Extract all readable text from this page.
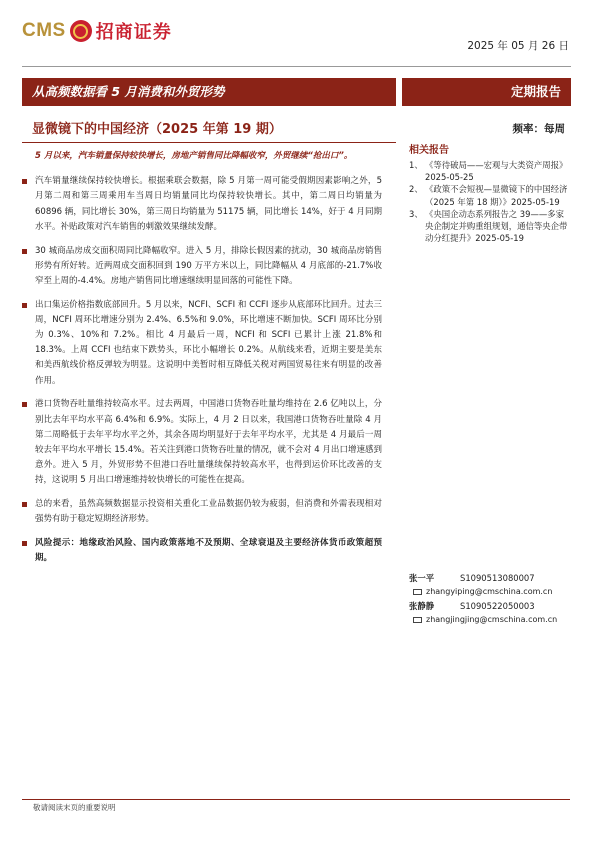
CMS 招商证券
2025 年 05 月 26 日
从高频数据看 5 月消费和外贸形势	定期报告
显微镜下的中国经济（2025 年第 19 期）	频率：每周
5 月以来，汽车销量保持较快增长，房地产销售同比降幅收窄，外贸继续“抢出口”。
汽车销量继续保持较快增长。根据乘联会数据，除 5 月第一周可能受假期因素影响之外，5 月第二周和第三周乘用车当周日均销量同比均保持较快增长。其中，第二周日均销量为 60896 辆，同比增长 30%，第三周日均销量为 51175 辆，同比增长 14%，好于 4 月同期水平。补贴政策对汽车销售的刺激效果继续发酵。
30 城商品房成交面积周同比降幅收窄。进入 5 月，排除长假因素的扰动，30 城商品房销售形势有所好转。近两周成交面积回到 190 万平方米以上，同比降幅从 4 月底部的-21.7%收窄至上周的-4.4%。房地产销售同比增速继续明显回落的可能性下降。
出口集运价格指数底部回升。5 月以来，NCFI、SCFI 和 CCFI 逐步从底部环比回升。过去三周，NCFI 周环比增速分别为 2.4%、6.5%和 9.0%，环比增速不断加快。SCFI 周环比分别为 0.3%、10%和 7.2%。相比 4 月最后一周，NCFI 和 SCFI 已累计上涨 21.8%和 18.3%。上周 CCFI 也结束下跌势头，环比小幅增长 0.2%。从航线来看，近期主要是美东和美西航线价格反弹较为明显。这说明中美暂时相互降低关税对两国贸易往来有明显的改善作用。
港口货物吞吐量维持较高水平。过去两周，中国港口货物吞吐量均维持在 2.6 亿吨以上，分别比去年平均水平高 6.4%和 6.9%。实际上，4 月 2 日以来，我国港口货物吞吐量除 4 月第二周略低于去年平均水平之外，其余各周均明显好于去年平均水平，尤其是 4 月最后一周较去年平均水平增长 15.4%。若关注到港口货物吞吐量的情况，就不会对 4 月出口增速感到意外。进入 5 月，外贸形势不但港口吞吐量继续保持较高水平，也得到运价环比改善的支持，这说明 5 月出口增速维持较快增长的可能性在提高。
总的来看，虽然高频数据显示投资相关重化工业品数据仍较为疲弱，但消费和外需表现相对强势有助于稳定短期经济形势。
风险提示：地缘政治风险、国内政策落地不及预期、全球衰退及主要经济体货币政策超预期。
相关报告
1、 《等待破局——宏观与大类资产周报》2025-05-25
2、 《政策不会短视—显微镜下的中国经济（2025 年第 18 期）》2025-05-19
3、 《央国企动态系列报告之 39——多家央企制定并购重组规划，通信等央企带动分红提升》2025-05-19
张一平	S1090513080007
zhangyiping@cmschina.com.cn
张静静	S1090522050003
zhangjingjing@cmschina.com.cn
敬请阅读末页的重要说明
